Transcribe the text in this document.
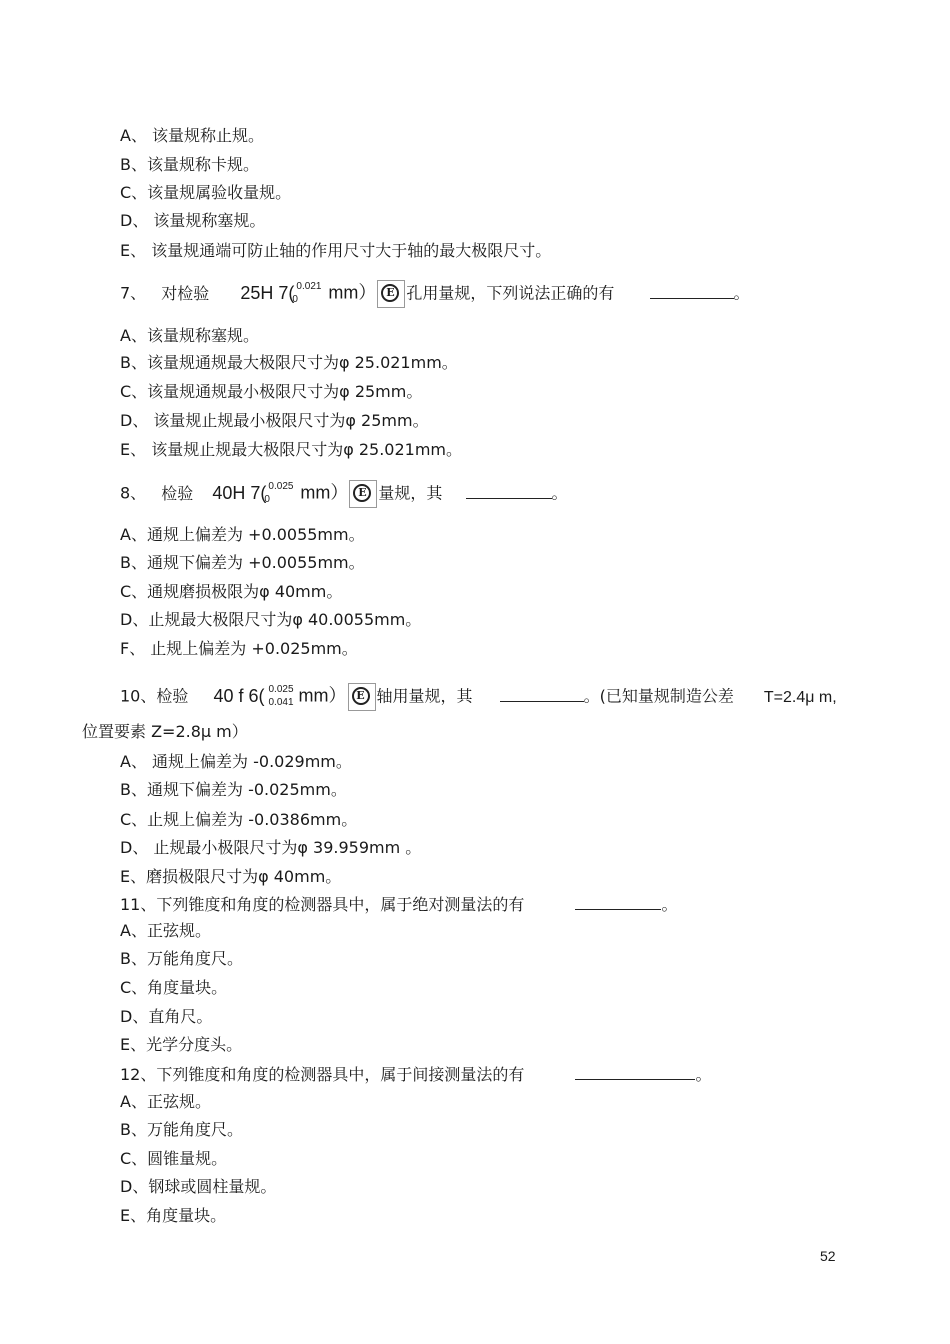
A、 该量规称止规。
B、该量规称卡规。
C、该量规属验收量规。
D、 该量规称塞规。
E、 该量规通端可防止轴的作用尺寸大于轴的最大极限尺寸。
7、 对检验 25H 7( 0.021
0 mm） E 孔用量规，下列说法正确的有	。
A、该量规称塞规。
B、该量规通规最大极限尺寸为φ 25.021mm。
C、该量规通规最小极限尺寸为φ 25mm。
D、 该量规止规最小极限尺寸为φ 25mm。
E、 该量规止规最大极限尺寸为φ 25.021mm。
8、 检验 40H 7( 0.025
0 mm） E 量规，其	。
A、通规上偏差为 +0.0055mm。
B、通规下偏差为 +0.0055mm。
C、通规磨损极限为φ 40mm。
D、止规最大极限尺寸为φ 40.0055mm。
F、 止规上偏差为 +0.025mm。
10、检验 40 f 6( 0.025
0.041 mm） E 轴用量规，其	。(已知量规制造公差 T=2.4μ m,
位置要素 Z=2.8μ m）
A、 通规上偏差为 -0.029mm。
B、通规下偏差为 -0.025mm。
C、止规上偏差为 -0.0386mm。
D、 止规最小极限尺寸为φ 39.959mm 。
E、磨损极限尺寸为φ 40mm。
11、下列锥度和角度的检测器具中，属于绝对测量法的有	。
A、正弦规。
B、万能角度尺。
C、角度量块。
D、直角尺。
E、光学分度头。
12、下列锥度和角度的检测器具中，属于间接测量法的有	。
A、正弦规。
B、万能角度尺。
C、圆锥量规。
D、钢球或圆柱量规。
E、角度量块。
52
